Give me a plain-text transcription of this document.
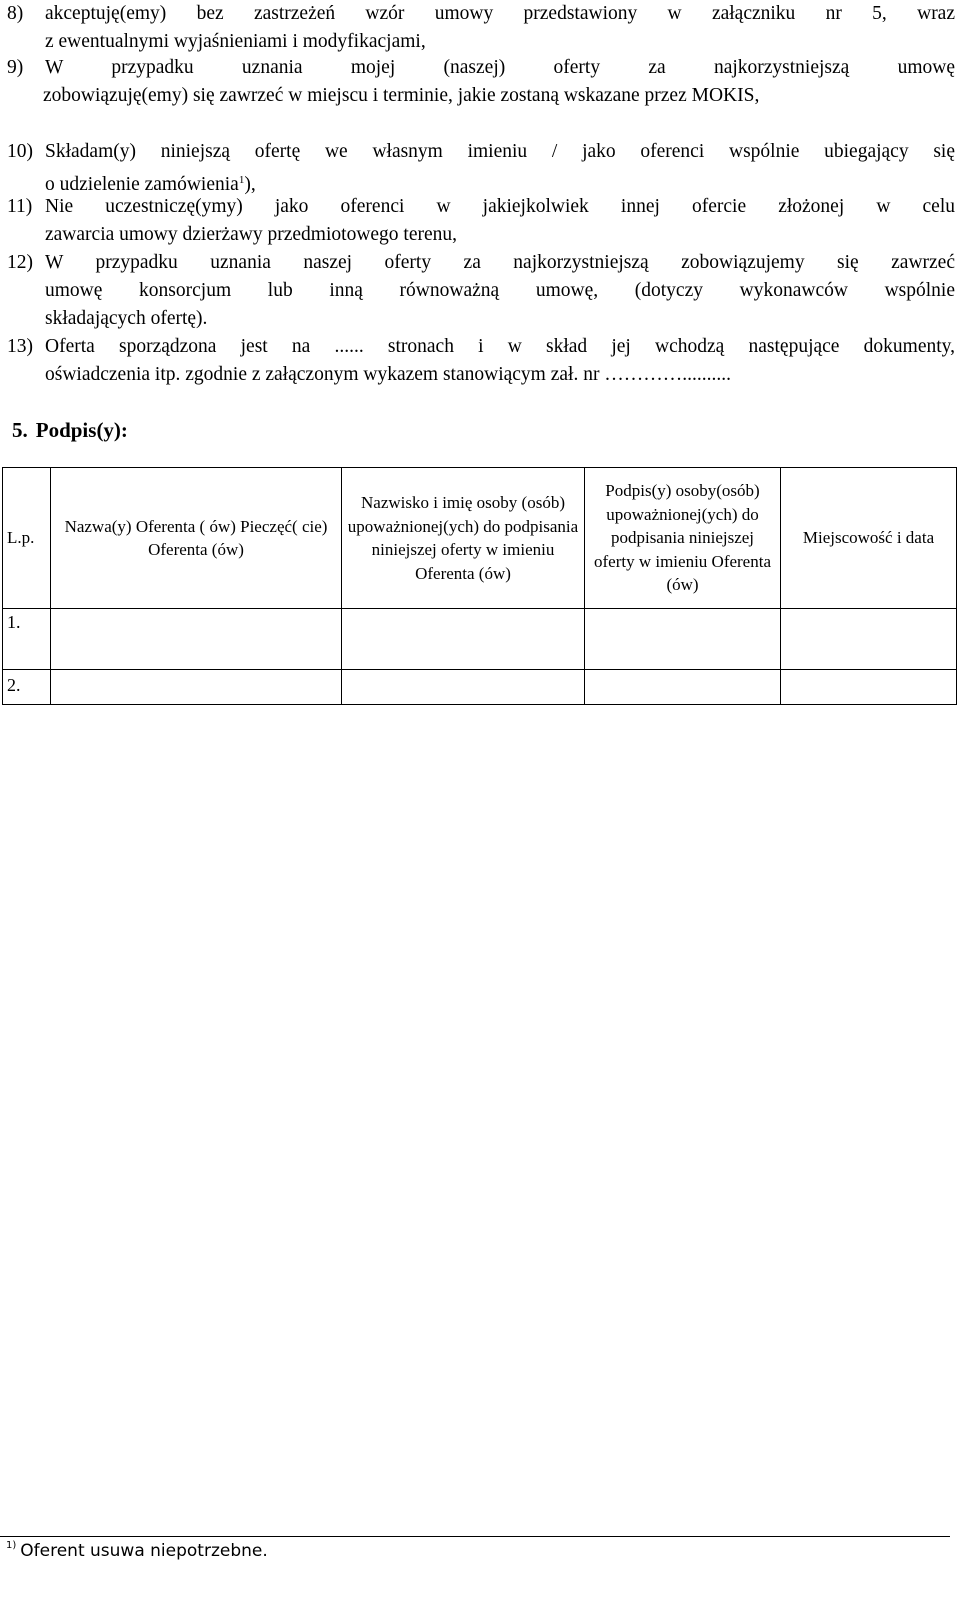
8) akceptuję(emy) bez zastrzeżeń wzór umowy przedstawiony w załączniku nr 5, wraz
z ewentualnymi wyjaśnieniami i modyfikacjami,
9) W przypadku uznania mojej (naszej) oferty za najkorzystniejszą umowę
zobowiązuję(emy) się zawrzeć w miejscu i terminie, jakie zostaną wskazane przez MOKIS,
10) Składam(y) niniejszą ofertę we własnym imieniu / jako oferenci wspólnie ubiegający się
o udzielenie zamówienia$^1$),
11) Nie uczestniczę(ymy) jako oferenci w jakiejkolwiek innej ofercie złożonej w celu
zawarcia umowy dzierżawy przedmiotowego terenu,
12) W przypadku uznania naszej oferty za najkorzystniejszą zobowiązujemy się zawrzeć
umowę konsorcjum lub inną równoważną umowę, (dotyczy wykonawców wspólnie
składających ofertę).
13) Oferta sporządzona jest na ...... stronach i w skład jej wchodzą następujące dokumenty,
oświadczenia itp. zgodnie z załączonym wykazem stanowiącym zał. nr …………..........
5. Podpis(y):
L.p.	Nazwa(y) Oferenta ( ów) Pieczęć( cie) Oferenta (ów)	Nazwisko i imię osoby (osób) upoważnionej(ych) do podpisania niniejszej oferty w imieniu Oferenta (ów)	Podpis(y) osoby(osób) upoważnionej(ych) do podpisania niniejszej oferty w imieniu Oferenta (ów)	Miejscowość i data
1.				
2.				
$^{1)}$ Oferent usuwa niepotrzebne.
